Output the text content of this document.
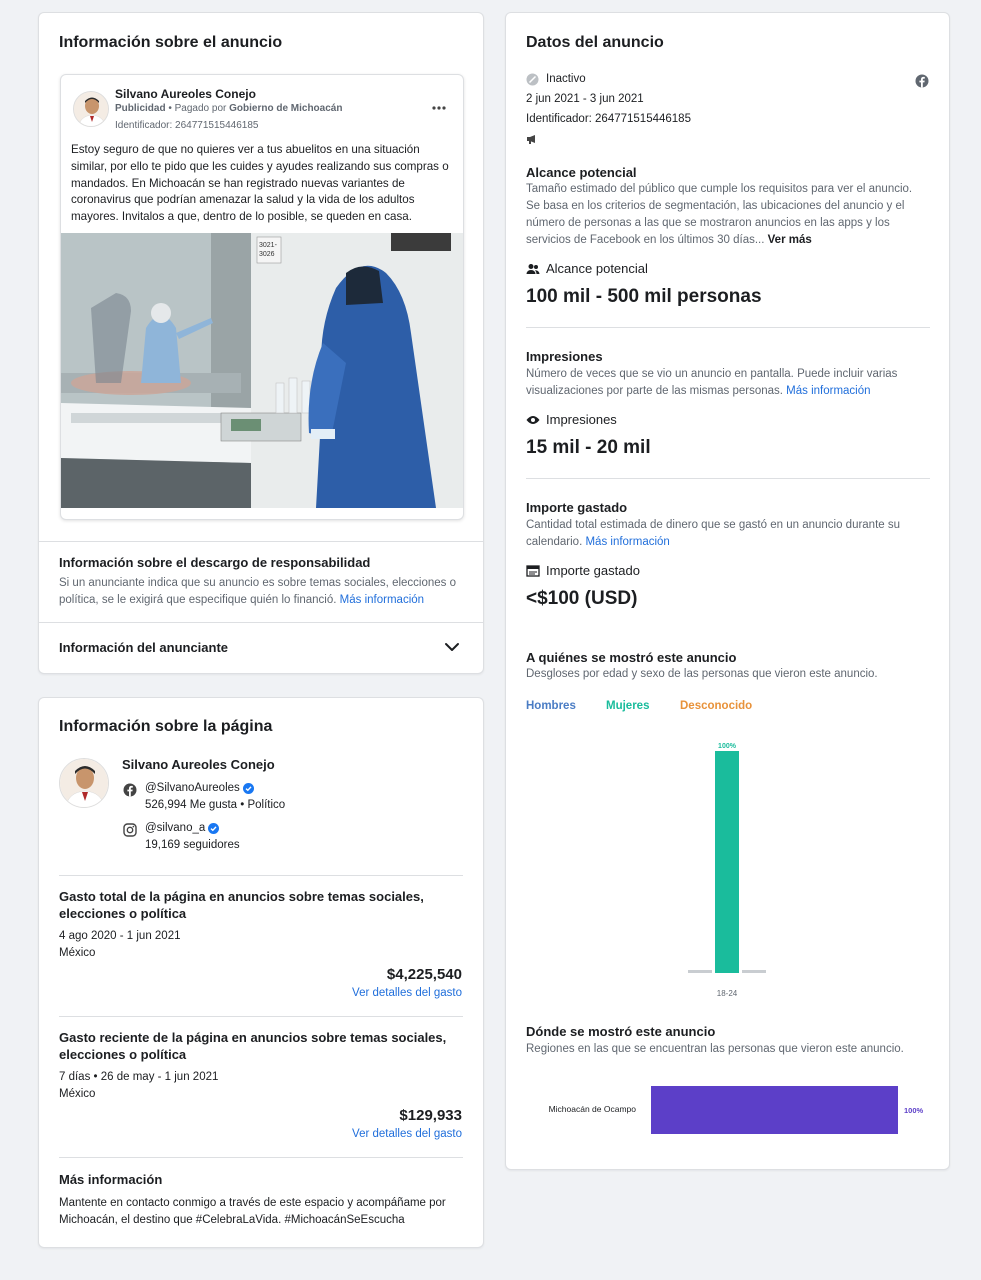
Información sobre el anuncio
Silvano Aureoles Conejo
Publicidad • Pagado por Gobierno de Michoacán
Identificador: 264771515446185
Estoy seguro de que no quieres ver a tus abuelitos en una situación similar, por ello te pido que les cuides y ayudes realizando sus compras o mandados. En Michoacán se han registrado nuevas variantes de coronavirus que podrían amenazar la salud y la vida de los adultos mayores. Invitalos a que, dentro de lo posible, se queden en casa.
3021-
3026
Información sobre el descargo de responsabilidad
Si un anunciante indica que su anuncio es sobre temas sociales, elecciones o política, se le exigirá que especifique quién lo financió. Más información
Información del anunciante
Información sobre la página
Silvano Aureoles Conejo
@SilvanoAureoles
526,994 Me gusta • Político
@silvano_a
19,169 seguidores
Gasto total de la página en anuncios sobre temas sociales, elecciones o política
4 ago 2020 - 1 jun 2021
México
$4,225,540
Ver detalles del gasto
Gasto reciente de la página en anuncios sobre temas sociales, elecciones o política
7 días • 26 de may - 1 jun 2021
México
$129,933
Ver detalles del gasto
Más información
Mantente en contacto conmigo a través de este espacio y acompáñame por Michoacán, el destino que #CelebraLaVida. #MichoacánSeEscucha
Datos del anuncio
Inactivo
2 jun 2021 - 3 jun 2021
Identificador: 264771515446185
Alcance potencial
Tamaño estimado del público que cumple los requisitos para ver el anuncio. Se basa en los criterios de segmentación, las ubicaciones del anuncio y el número de personas a las que se mostraron anuncios en las apps y los servicios de Facebook en los últimos 30 días... Ver más
Alcance potencial
100 mil - 500 mil personas
Impresiones
Número de veces que se vio un anuncio en pantalla. Puede incluir varias visualizaciones por parte de las mismas personas. Más información
Impresiones
15 mil - 20 mil
Importe gastado
Cantidad total estimada de dinero que se gastó en un anuncio durante su calendario. Más información
Importe gastado
<$100 (USD)
A quiénes se mostró este anuncio
Desgloses por edad y sexo de las personas que vieron este anuncio.
Hombres	Mujeres	Desconocido
100%
18-24
Dónde se mostró este anuncio
Regiones en las que se encuentran las personas que vieron este anuncio.
Michoacán de Ocampo	100%
